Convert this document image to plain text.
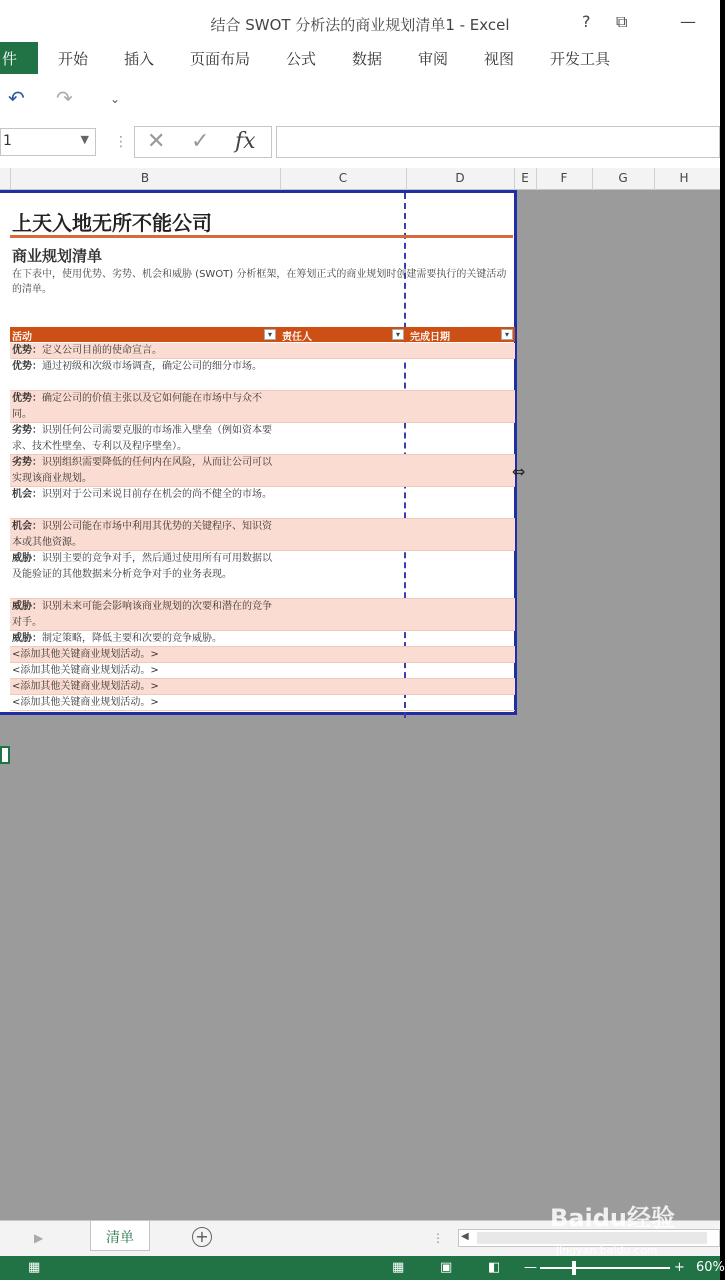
结合 SWOT 分析法的商业规划清单1 - Excel	? ⧉	—
件	开始 插入 页面布局 公式 数据 审阅 视图 开发工具
↶ ↷	⌄
1	▼ ⋮ ✕ ✓ fx
B	C	D	E	F	G	H
上天入地无所不能公司
商业规划清单
在下表中，使用优势、劣势、机会和威胁 (SWOT) 分析框架，在筹划正式的商业规划时创建需要执行的关键活动的清单。
活动	▾	责任人	▾	完成日期	▾
优势：定义公司目前的使命宣言。
优势：通过初级和次级市场调查，确定公司的细分市场。
优势：确定公司的价值主张以及它如何能在市场中与众不同。
劣势：识别任何公司需要克服的市场准入壁垒（例如资本要求、技术性壁垒、专利以及程序壁垒）。
劣势：识别组织需要降低的任何内在风险，从而让公司可以实现该商业规划。
机会：识别对于公司来说目前存在机会的尚不健全的市场。
机会：识别公司能在市场中利用其优势的关键程序、知识资本或其他资源。
威胁：识别主要的竞争对手，然后通过使用所有可用数据以及能验证的其他数据来分析竞争对手的业务表现。
威胁：识别未来可能会影响该商业规划的次要和潜在的竞争对手。
威胁：制定策略，降低主要和次要的竞争威胁。
<添加其他关键商业规划活动。>
<添加其他关键商业规划活动。>
<添加其他关键商业规划活动。>
<添加其他关键商业规划活动。>
⇔
▶	清单	+	⋮ ◀
▦	▦	▣	◧ —	+ 60%
Baidu经验
jingyan.baidu.com
